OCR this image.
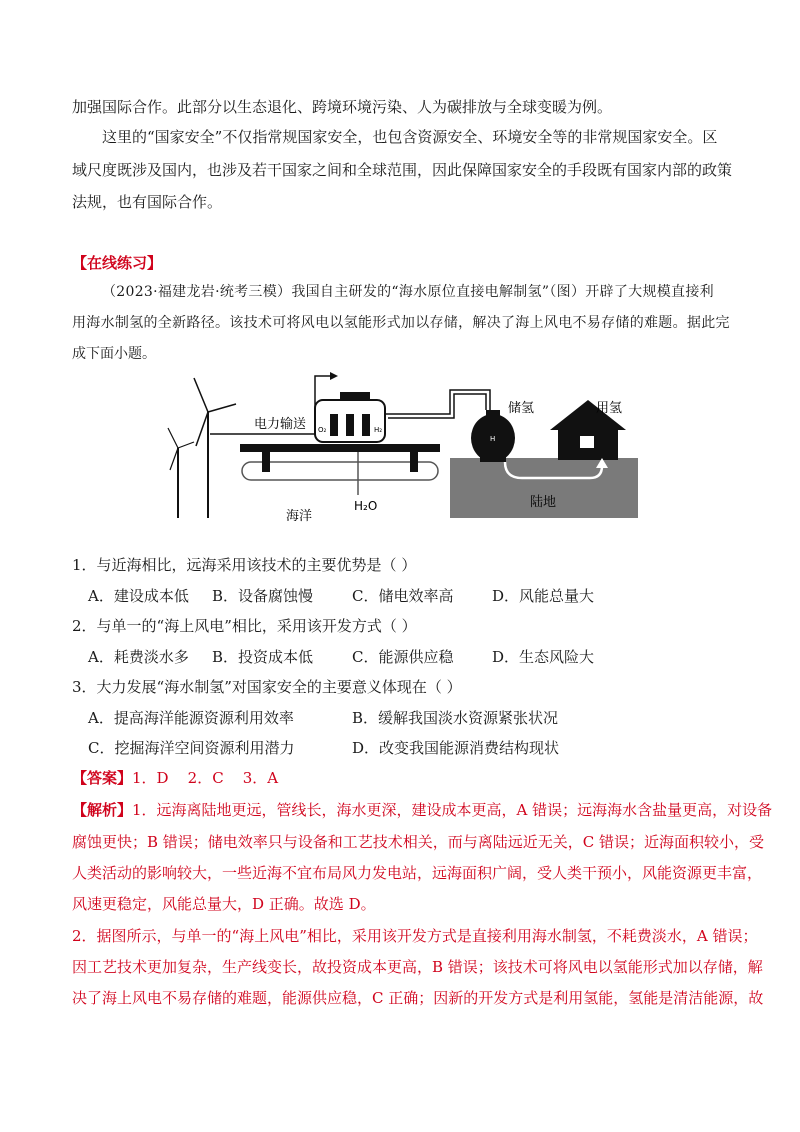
加强国际合作。此部分以生态退化、跨境环境污染、人为碳排放与全球变暖为例。
这里的“国家安全”不仅指常规国家安全，也包含资源安全、环境安全等的非常规国家安全。区
域尺度既涉及国内，也涉及若干国家之间和全球范围，因此保障国家安全的手段既有国家内部的政策
法规，也有国际合作。
【在线练习】
（2023·福建龙岩·统考三模）我国自主研发的“海水原位直接电解制氢”（图）开辟了大规模直接利
用海水制氢的全新路径。该技术可将风电以氢能形式加以存储，解决了海上风电不易存储的难题。据此完
成下面小题。
O₂	H₂
电力输送
H
储氢	用氢
陆地
海洋
H₂O
1．与近海相比，远海采用该技术的主要优势是（ ）
A．建设成本低 B．设备腐蚀慢	C．储电效率高	D．风能总量大
2．与单一的“海上风电”相比，采用该开发方式（ ）
A．耗费淡水多 B．投资成本低	C．能源供应稳	D．生态风险大
3．大力发展“海水制氢”对国家安全的主要意义体现在（ ）
A．提高海洋能源资源利用效率	B．缓解我国淡水资源紧张状况
C．挖掘海洋空间资源利用潜力	D．改变我国能源消费结构现状
【答案】1．D    2．C    3．A
【解析】1．远海离陆地更远，管线长，海水更深，建设成本更高，A 错误；远海海水含盐量更高，对设备
腐蚀更快；B 错误；储电效率只与设备和工艺技术相关，而与离陆远近无关，C 错误；近海面积较小，受
人类活动的影响较大，一些近海不宜布局风力发电站，远海面积广阔，受人类干预小，风能资源更丰富，
风速更稳定，风能总量大，D 正确。故选 D。
2．据图所示，与单一的“海上风电”相比，采用该开发方式是直接利用海水制氢，不耗费淡水，A 错误；
因工艺技术更加复杂，生产线变长，故投资成本更高，B 错误；该技术可将风电以氢能形式加以存储，解
决了海上风电不易存储的难题，能源供应稳，C 正确；因新的开发方式是利用氢能，氢能是清洁能源，故
